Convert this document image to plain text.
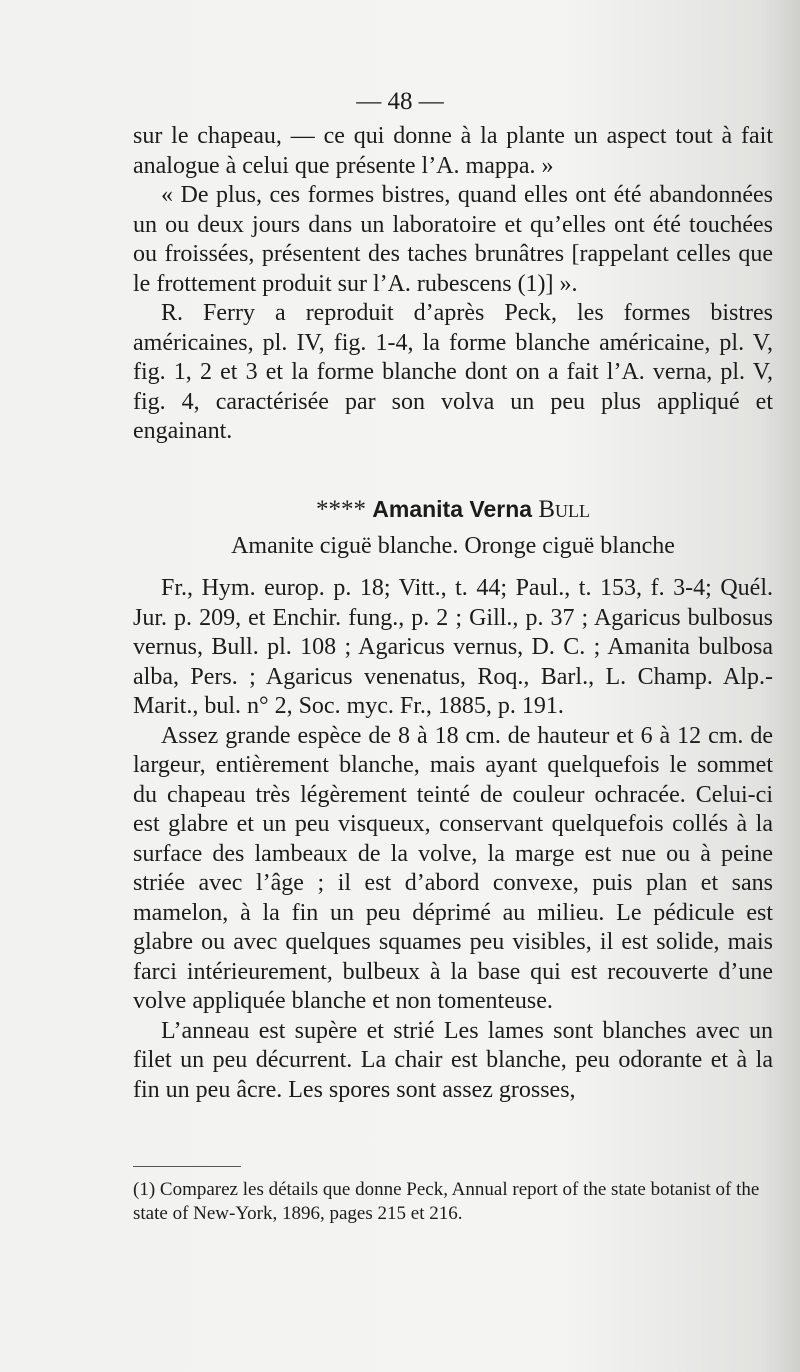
— 48 —

sur le chapeau, — ce qui donne à la plante un aspect tout à fait analogue à celui que présente l’A. mappa. »

« De plus, ces formes bistres, quand elles ont été abandonnées un ou deux jours dans un laboratoire et qu’elles ont été touchées ou froissées, présentent des taches brunâtres [rappelant celles que le frottement produit sur l’A. rubescens (1)] ».

R. Ferry a reproduit d’après Peck, les formes bistres américaines, pl. IV, fig. 1-4, la forme blanche américaine, pl. V, fig. 1, 2 et 3 et la forme blanche dont on a fait l’A. verna, pl. V, fig. 4, caractérisée par son volva un peu plus appliqué et engainant.

**** Amanita Verna Bull
Amanite ciguë blanche. Oronge ciguë blanche

Fr., Hym. europ. p. 18; Vitt., t. 44; Paul., t. 153, f. 3-4; Quél. Jur. p. 209, et Enchir. fung., p. 2 ; Gill., p. 37 ; Agaricus bulbosus vernus, Bull. pl. 108 ; Agaricus vernus, D. C. ; Amanita bulbosa alba, Pers. ; Agaricus venenatus, Roq., Barl., L. Champ. Alp.-Marit., bul. n° 2, Soc. myc. Fr., 1885, p. 191.

Assez grande espèce de 8 à 18 cm. de hauteur et 6 à 12 cm. de largeur, entièrement blanche, mais ayant quelquefois le sommet du chapeau très légèrement teinté de couleur ochracée. Celui-ci est glabre et un peu visqueux, conservant quelquefois collés à la surface des lambeaux de la volve, la marge est nue ou à peine striée avec l’âge ; il est d’abord convexe, puis plan et sans mamelon, à la fin un peu déprimé au milieu. Le pédicule est glabre ou avec quelques squames peu visibles, il est solide, mais farci intérieurement, bulbeux à la base qui est recouverte d’une volve appliquée blanche et non tomenteuse.

L’anneau est supère et strié Les lames sont blanches avec un filet un peu décurrent. La chair est blanche, peu odorante et à la fin un peu âcre. Les spores sont assez grosses,

(1) Comparez les détails que donne Peck, Annual report of the state botanist of the state of New-York, 1896, pages 215 et 216.
